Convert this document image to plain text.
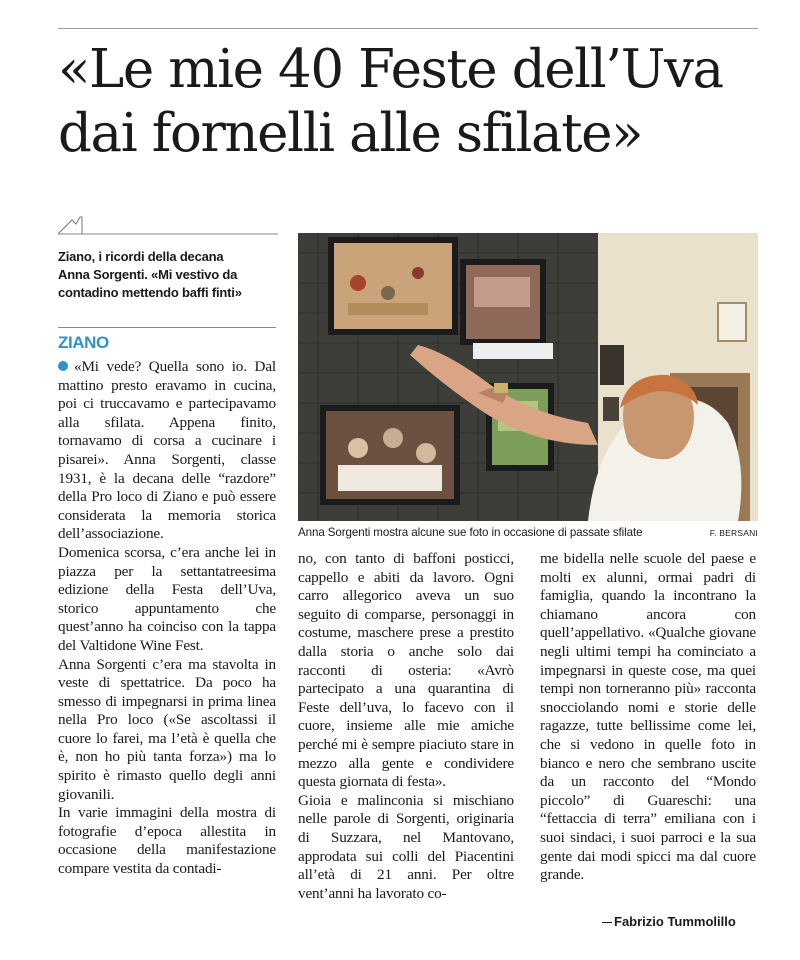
«Le mie 40 Feste dell’Uva
dai fornelli alle sfilate»
Ziano, i ricordi della decana
Anna Sorgenti. «Mi vestivo da
contadino mettendo baffi finti»
ZIANO

«Mi vede? Quella sono io. Dal mattino presto eravamo in cucina, poi ci truccavamo e partecipavamo alla sfilata. Appena finito, tornavamo di corsa a cucinare i pisarei». Anna Sorgenti, classe 1931, è la decana delle “razdore” della Pro loco di Ziano e può essere considerata la memoria storica dell’associazione.

Domenica scorsa, c’era anche lei in piazza per la settantatreesima edizione della Festa dell’Uva, storico appuntamento che quest’anno ha coinciso con la tappa del Valtidone Wine Fest.

Anna Sorgenti c’era ma stavolta in veste di spettatrice. Da poco ha smesso di impegnarsi in prima linea nella Pro loco («Se ascoltassi il cuore lo farei, ma l’età è quella che è, non ho più tanta forza») ma lo spirito è rimasto quello degli anni giovanili.

In varie immagini della mostra di fotografie d’epoca allestita in occasione della manifestazione compare vestita da contadi-

Anna Sorgenti mostra alcune sue foto in occasione di passate sfilate	F. BERSANI

no, con tanto di baffoni posticci, cappello e abiti da lavoro. Ogni carro allegorico aveva un suo seguito di comparse, personaggi in costume, maschere prese a prestito dalla storia o anche solo dai racconti di osteria: «Avrò partecipato a una quarantina di Feste dell’uva, lo facevo con il cuore, insieme alle mie amiche perché mi è sempre piaciuto stare in mezzo alla gente e condividere questa giornata di festa».

Gioia e malinconia si mischiano nelle parole di Sorgenti, originaria di Suzzara, nel Mantovano, approdata sui colli del Piacentini all’età di 21 anni. Per oltre vent’anni ha lavorato co-

me bidella nelle scuole del paese e molti ex alunni, ormai padri di famiglia, quando la incontrano la chiamano ancora con quell’appellativo. «Qualche giovane negli ultimi tempi ha cominciato a impegnarsi in queste cose, ma quei tempi non torneranno più» racconta snocciolando nomi e storie delle ragazze, tutte bellissime come lei, che si vedono in quelle foto in bianco e nero che sembrano uscite da un racconto del “Mondo piccolo” di Guareschi: una “fettaccia di terra” emiliana con i suoi sindaci, i suoi parroci e la sua gente dai modi spicci ma dal cuore grande.

Fabrizio Tummolillo
